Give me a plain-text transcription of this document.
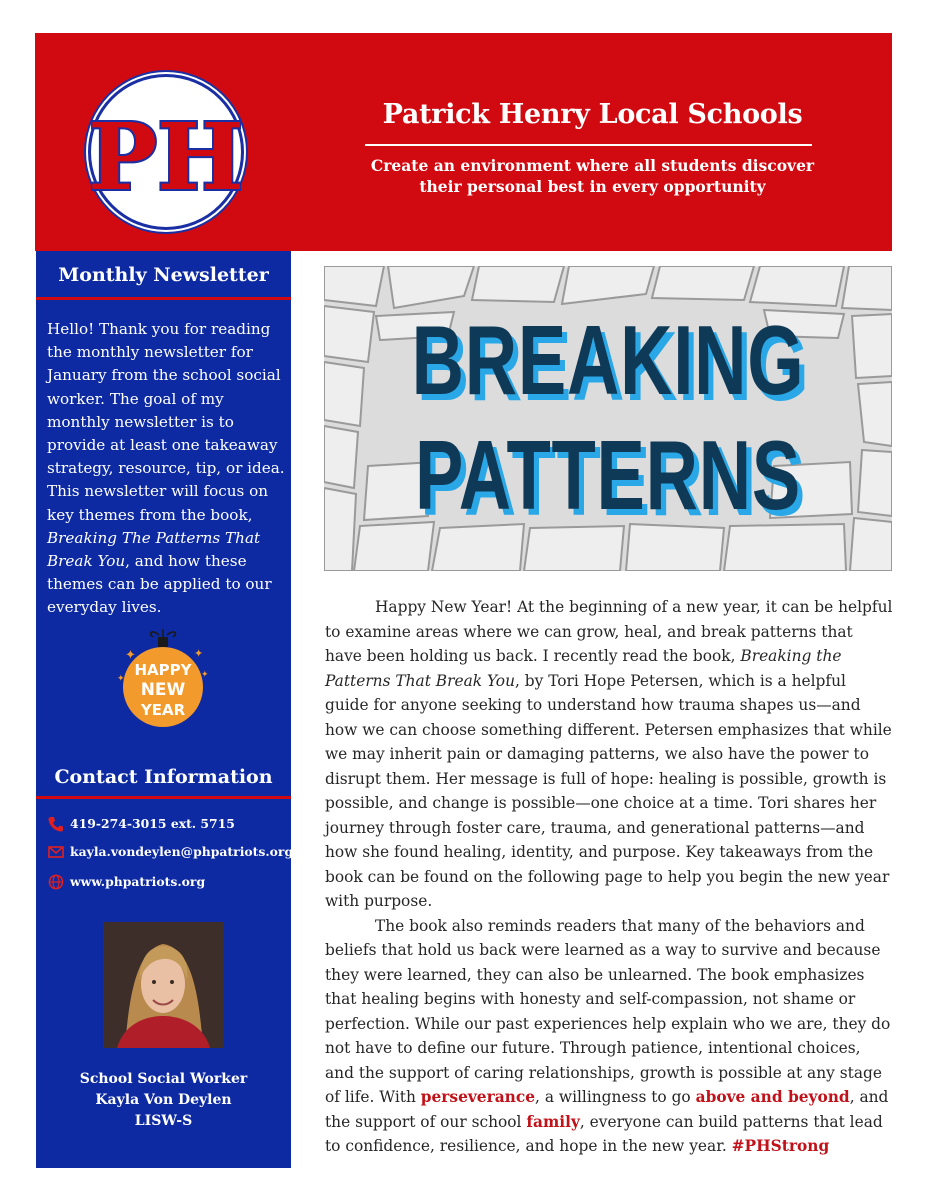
PH	Patrick Henry Local Schools
Create an environment where all students discover
their personal best in every opportunity
Monthly Newsletter
Hello! Thank you for reading the monthly newsletter for January from the school social worker. The goal of my monthly newsletter is to provide at least one takeaway strategy, resource, tip, or idea. This newsletter will focus on key themes from the book, Breaking The Patterns That Break You, and how these themes can be applied to our everyday lives.
✦	✦
✦
✦ HAPPY
NEW
YEAR
Contact Information
419-274-3015 ext. 5715
kayla.vondeylen@phpatriots.org
www.phpatriots.org
School Social Worker
Kayla Von Deylen
LISW-S
BREAKING
PATTERNS

Happy New Year! At the beginning of a new year, it can be helpful to examine areas where we can grow, heal, and break patterns that have been holding us back. I recently read the book, Breaking the Patterns That Break You, by Tori Hope Petersen, which is a helpful guide for anyone seeking to understand how trauma shapes us—and how we can choose something different. Petersen emphasizes that while we may inherit pain or damaging patterns, we also have the power to disrupt them. Her message is full of hope: healing is possible, growth is possible, and change is possible—one choice at a time. Tori shares her journey through foster care, trauma, and generational patterns—and how she found healing, identity, and purpose. Key takeaways from the book can be found on the following page to help you begin the new year with purpose.

The book also reminds readers that many of the behaviors and beliefs that hold us back were learned as a way to survive and because they were learned, they can also be unlearned. The book emphasizes that healing begins with honesty and self-compassion, not shame or perfection. While our past experiences help explain who we are, they do not have to define our future. Through patience, intentional choices, and the support of caring relationships, growth is possible at any stage of life. With perseverance, a willingness to go above and beyond, and the support of our school family, everyone can build patterns that lead to confidence, resilience, and hope in the new year. #PHStrong
